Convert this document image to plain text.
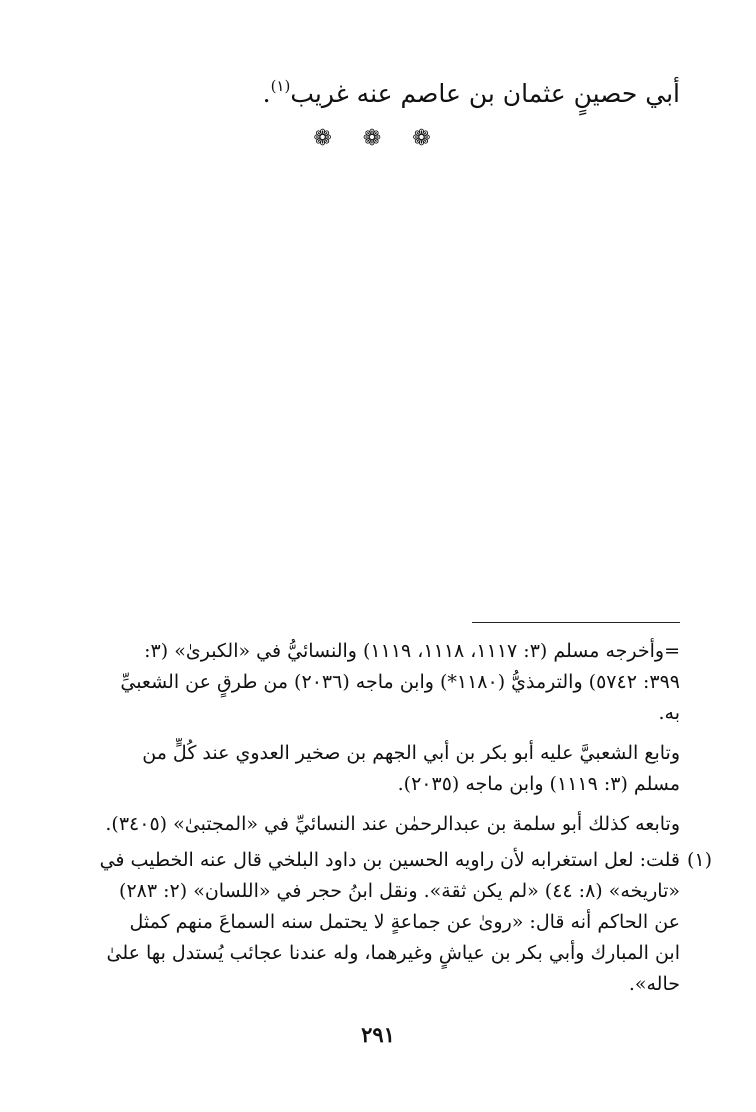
أبي حصينٍ عثمان بن عاصم عنه غريب$^{(١)}$.
❁ ❁ ❁
=وأخرجه مسلم (٣: ١١١٧، ١١١٨، ١١١٩) والنسائيُّ في «الكبرىٰ» (٣:
٣٩٩: ٥٧٤٢) والترمذيُّ (١١٨٠*) وابن ماجه (٢٠٣٦) من طرقٍ عن الشعبيِّ
به.
وتابع الشعبيَّ عليه أبو بكر بن أبي الجهم بن صخير العدوي عند كُلٍّ من
مسلم (٣: ١١١٩) وابن ماجه (٢٠٣٥).
وتابعه كذلك أبو سلمة بن عبدالرحمٰن عند النسائيِّ في «المجتبىٰ» (٣٤٠٥).
(١)
قلت: لعل استغرابه لأن راويه الحسين بن داود البلخي قال عنه الخطيب في
«تاريخه» (٨: ٤٤) «لم يكن ثقة». ونقل ابنُ حجر في «اللسان» (٢: ٢٨٣)
عن الحاكم أنه قال: «روىٰ عن جماعةٍ لا يحتمل سنه السماعَ منهم كمثل
ابن المبارك وأبي بكر بن عياشٍ وغيرهما، وله عندنا عجائب يُستدل بها علىٰ
حاله».
٢٩١
